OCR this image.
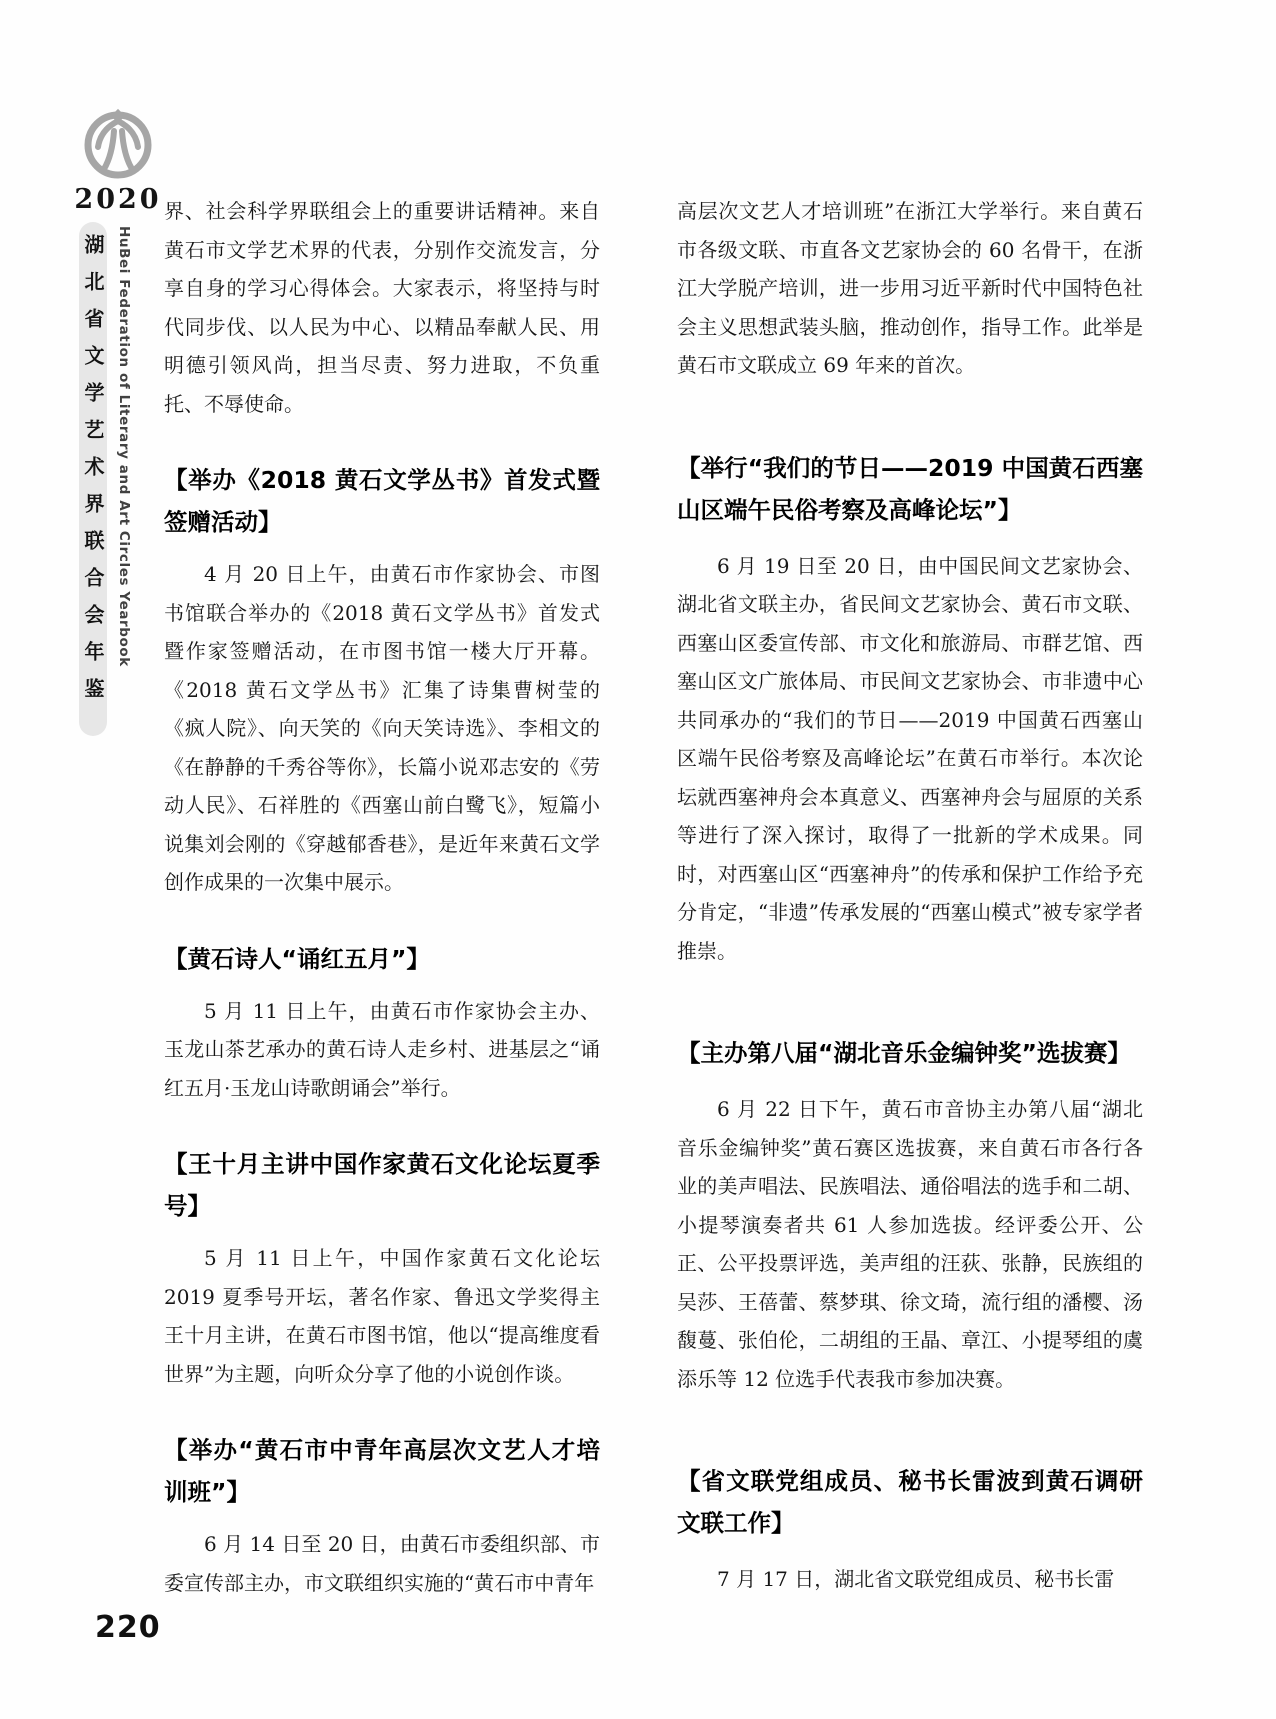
2020
湖北省文学艺术界联合会年鉴 HuBei Federation of Literary and Art Circles Yearbook
界、社会科学界联组会上的重要讲话精神。来自黄石市文学艺术界的代表，分别作交流发言，分享自身的学习心得体会。大家表示，将坚持与时代同步伐、以人民为中心、以精品奉献人民、用明德引领风尚，担当尽责、努力进取，不负重托、不辱使命。
【举办《2018 黄石文学丛书》首发式暨签赠活动】
4 月 20 日上午，由黄石市作家协会、市图书馆联合举办的《2018 黄石文学丛书》首发式暨作家签赠活动，在市图书馆一楼大厅开幕。《2018 黄石文学丛书》汇集了诗集曹树莹的《疯人院》、向天笑的《向天笑诗选》、李相文的《在静静的千秀谷等你》，长篇小说邓志安的《劳动人民》、石祥胜的《西塞山前白鹭飞》，短篇小说集刘会刚的《穿越郁香巷》，是近年来黄石文学创作成果的一次集中展示。
【黄石诗人“诵红五月”】
5 月 11 日上午，由黄石市作家协会主办、玉龙山茶艺承办的黄石诗人走乡村、进基层之“诵红五月·玉龙山诗歌朗诵会”举行。
【王十月主讲中国作家黄石文化论坛夏季号】
5 月 11 日上午，中国作家黄石文化论坛 2019 夏季号开坛，著名作家、鲁迅文学奖得主王十月主讲，在黄石市图书馆，他以“提高维度看世界”为主题，向听众分享了他的小说创作谈。
【举办“黄石市中青年高层次文艺人才培训班”】
6 月 14 日至 20 日，由黄石市委组织部、市委宣传部主办，市文联组织实施的“黄石市中青年
高层次文艺人才培训班”在浙江大学举行。来自黄石市各级文联、市直各文艺家协会的 60 名骨干，在浙江大学脱产培训，进一步用习近平新时代中国特色社会主义思想武装头脑，推动创作，指导工作。此举是黄石市文联成立 69 年来的首次。
【举行“我们的节日——2019 中国黄石西塞山区端午民俗考察及高峰论坛”】
6 月 19 日至 20 日，由中国民间文艺家协会、湖北省文联主办，省民间文艺家协会、黄石市文联、西塞山区委宣传部、市文化和旅游局、市群艺馆、西塞山区文广旅体局、市民间文艺家协会、市非遗中心共同承办的“我们的节日——2019 中国黄石西塞山区端午民俗考察及高峰论坛”在黄石市举行。本次论坛就西塞神舟会本真意义、西塞神舟会与屈原的关系等进行了深入探讨，取得了一批新的学术成果。同时，对西塞山区“西塞神舟”的传承和保护工作给予充分肯定，“非遗”传承发展的“西塞山模式”被专家学者推崇。
【主办第八届“湖北音乐金编钟奖”选拔赛】
6 月 22 日下午，黄石市音协主办第八届“湖北音乐金编钟奖”黄石赛区选拔赛，来自黄石市各行各业的美声唱法、民族唱法、通俗唱法的选手和二胡、小提琴演奏者共 61 人参加选拔。经评委公开、公正、公平投票评选，美声组的汪荻、张静，民族组的吴莎、王蓓蕾、蔡梦琪、徐文琦，流行组的潘樱、汤馥蔓、张伯伦，二胡组的王晶、章江、小提琴组的虞添乐等 12 位选手代表我市参加决赛。
【省文联党组成员、秘书长雷波到黄石调研文联工作】
7 月 17 日，湖北省文联党组成员、秘书长雷
220
